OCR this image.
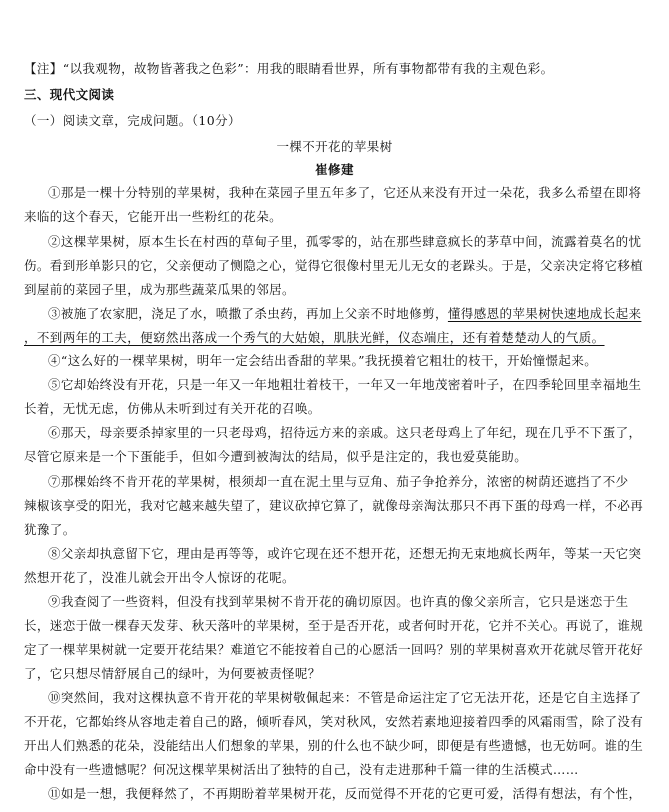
【注】“以我观物，故物皆著我之色彩”：用我的眼睛看世界，所有事物都带有我的主观色彩。
三、现代文阅读
（一）阅读文章，完成问题。（10分）
一棵不开花的苹果树
崔修建
①那是一棵十分特别的苹果树，我种在菜园子里五年多了，它还从来没有开过一朵花，我多么希望在即将
来临的这个春天，它能开出一些粉红的花朵。
②这棵苹果树，原本生长在村西的草甸子里，孤零零的，站在那些肆意疯长的茅草中间，流露着莫名的忧
伤。看到形单影只的它，父亲便动了恻隐之心，觉得它很像村里无儿无女的老跺头。于是，父亲决定将它移植
到屋前的菜园子里，成为那些蔬菜瓜果的邻居。
③被施了农家肥，浇足了水，喷撒了杀虫药，再加上父亲不时地修剪，懂得感恩的苹果树快速地成长起来
，不到两年的工夫，便窈然出落成一个秀气的大姑娘，肌肤光鲜，仪态端庄，还有着楚楚动人的气质。
④“这么好的一棵苹果树，明年一定会结出香甜的苹果。”我抚摸着它粗壮的枝干，开始憧憬起来。
⑤它却始终没有开花，只是一年又一年地粗壮着枝干，一年又一年地茂密着叶子，在四季轮回里幸福地生
长着，无忧无虑，仿佛从未听到过有关开花的召唤。
⑥那天，母亲要杀掉家里的一只老母鸡，招待远方来的亲戚。这只老母鸡上了年纪，现在几乎不下蛋了，
尽管它原来是一个下蛋能手，但如今遭到被淘汰的结局，似乎是注定的，我也爱莫能助。
⑦那棵始终不肯开花的苹果树，根须却一直在泥土里与豆角、茄子争抢养分，浓密的树荫还遮挡了不少
辣椒该享受的阳光，我对它越来越失望了，建议砍掉它算了，就像母亲淘汰那只不再下蛋的母鸡一样，不必再
犹豫了。
⑧父亲却执意留下它，理由是再等等，或许它现在还不想开花，还想无拘无束地疯长两年，等某一天它突
然想开花了，没准儿就会开出令人惊讶的花呢。
⑨我查阅了一些资料，但没有找到苹果树不肯开花的确切原因。也许真的像父亲所言，它只是迷恋于生
长，迷恋于做一棵春天发芽、秋天落叶的苹果树，至于是否开花，或者何时开花，它并不关心。再说了，谁规
定了一棵苹果树就一定要开花结果？难道它不能按着自己的心愿活一回吗？别的苹果树喜欢开花就尽管开花好
了，它只想尽情舒展自己的绿叶，为何要被责怪呢？
⑩突然间，我对这棵执意不肯开花的苹果树敬佩起来：不管是命运注定了它无法开花，还是它自主选择了
不开花，它都始终从容地走着自己的路，倾听春风，笑对秋风，安然若素地迎接着四季的风霜雨雪，除了没有
开出人们熟悉的花朵，没能结出人们想象的苹果，别的什么也不缺少呵，即便是有些遗憾，也无妨呵。谁的生
命中没有一些遗憾呢？何况这棵苹果树活出了独特的自己，没有走进那种千篇一律的生活模式……
⑪如是一想，我便释然了，不再期盼着苹果树开花，反而觉得不开花的它更可爱，活得有想法，有个性，
